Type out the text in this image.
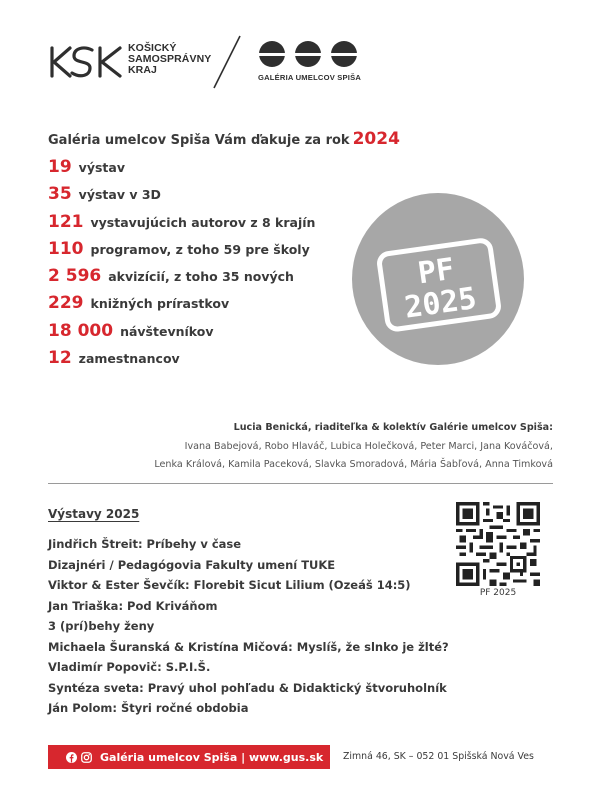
KOŠICKÝ
SAMOSPRÁVNY
KRAJ
GALÉRIA UMELCOV SPIŠA
Galéria umelcov Spiša Vám ďakuje za rok 2024
19 výstav
35 výstav v 3D
121 vystavujúcich autorov z 8 krajín
110 programov, z toho 59 pre školy
2 596 akvizícií, z toho 35 nových
229 knižných prírastkov
18 000 návštevníkov
12 zamestnancov
PF
2025
Lucia Benická, riaditeľka & kolektív Galérie umelcov Spiša:
Ivana Babejová, Robo Hlaváč, Lubica Holečková, Peter Marci, Jana Kováčová,
Lenka Králová, Kamila Paceková, Slavka Smoradová, Mária Šabľová, Anna Timková
Výstavy 2025
Jindřich Štreit: Príbehy v čase
Dizajnéri / Pedagógovia Fakulty umení TUKE
Viktor & Ester Ševčík: Florebit Sicut Lilium (Ozeáš 14:5)
Jan Triaška: Pod Kriváňom
3 (prí)behy ženy
Michaela Šuranská & Kristína Mičová: Myslíš, že slnko je žlté?
Vladimír Popovič: S.P.I.Š.
Syntéza sveta: Pravý uhol pohľadu & Didaktický štvoruholník
Ján Polom: Štyri ročné obdobia
PF 2025
Galéria umelcov Spiša | www.gus.sk Zimná 46, SK – 052 01 Spišská Nová Ves
